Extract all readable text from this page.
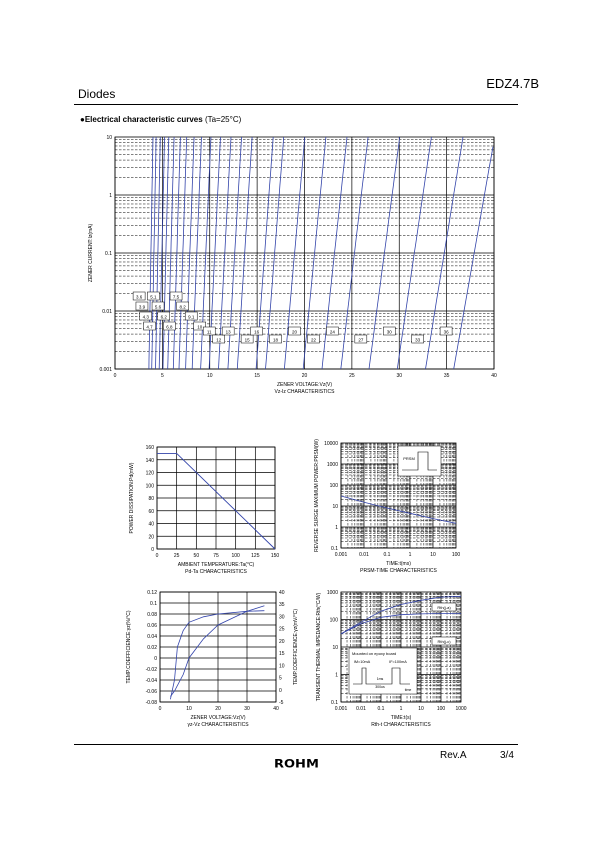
EDZ4.7B
Diodes
●Electrical characteristic curves (Ta=25°C)
0	5	10	15	20	25	30	35	40
0.001
0.01
0.1
1
10
ZENER VOLTAGE:Vz(V)
Vz-Iz CHARACTERISTICS
ZENER CURRENT:Iz(mA)
3.6
3.9
4.3
4.7
5.1
5.6
6.2
6.8
7.5
8.2
9.1
10
11
12
13
15
16
18
20
22
24
27
30
33
36
0	25	50	75	100 125 150
0
20
40
60
80
100
120
140
160
AMBIENT TEMPERATURE:Ta(°C)
Pd-Ta CHARACTERISTICS
POWER DISSIPATION:Pd(mW)
0.001 0.01	0.1	1	10	100
0.1
1
10
100
1000
10000
TIME:t(ms)
PRSM-TIME CHARACTERISTICS
REVERSE SURGE MAXIMUM POWER:PRSM(W)	PRSM
0	10	20	30	40
-0.08
-0.06
-0.04
-0.02
0
0.02
0.04
0.06
0.08
0.1
0.12
ZENER VOLTAGE:Vz(V)
γz-Vz CHARACTERISTICS
TEMP.COEFFICIENCE:γz(%/°C)	TEMP.COEFFICIENCE:γz(mV/°C)
-5
0
5
10
15
20
25
30
35
40
0.001 0.01 0.1	1	10	100 1000
0.1
1
10
100
1000
TIME:t(s)
Rth-t CHARACTERISTICS
TRANSIENT THERMAL IMPEDANCE:Rth(°C/W)	Rth(j-a)
Rth(j-c)
Mounted on epoxy board
IM=10mA	IF=100mA
1ms
300us
time
Rev.A	3/4
ROHM
